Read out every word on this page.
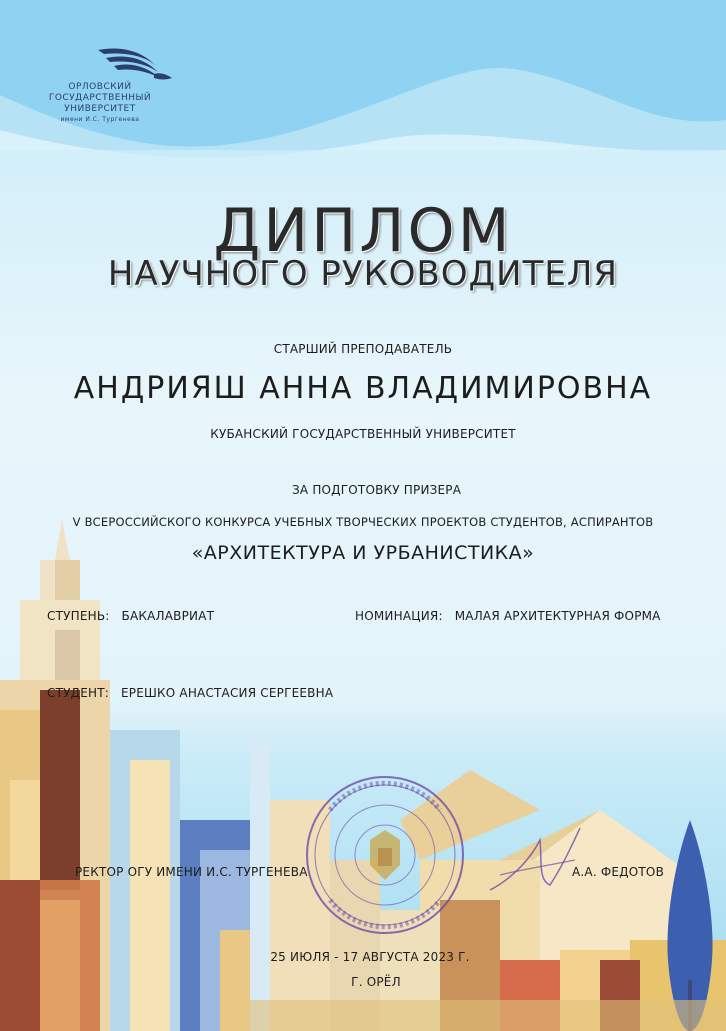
ОРЛОВСКИЙ
ГОСУДАРСТВЕННЫЙ
УНИВЕРСИТЕТ
имени И.С. Тургенева
ДИПЛОМ
НАУЧНОГО РУКОВОДИТЕЛЯ
СТАРШИЙ ПРЕПОДАВАТЕЛЬ
АНДРИЯШ АННА ВЛАДИМИРОВНА
КУБАНСКИЙ ГОСУДАРСТВЕННЫЙ УНИВЕРСИТЕТ
ЗА ПОДГОТОВКУ ПРИЗЕРА
V ВСЕРОССИЙСКОГО КОНКУРСА УЧЕБНЫХ ТВОРЧЕСКИХ ПРОЕКТОВ СТУДЕНТОВ, АСПИРАНТОВ
«АРХИТЕКТУРА И УРБАНИСТИКА»
СТУПЕНЬ: БАКАЛАВРИАТ	НОМИНАЦИЯ: МАЛАЯ АРХИТЕКТУРНАЯ ФОРМА
СТУДЕНТ: ЕРЕШКО АНАСТАСИЯ СЕРГЕЕВНА
РЕКТОР ОГУ ИМЕНИ И.С. ТУРГЕНЕВА	А.А. ФЕДОТОВ
25 ИЮЛЯ - 17 АВГУСТА 2023 Г.
Г. ОРЁЛ
